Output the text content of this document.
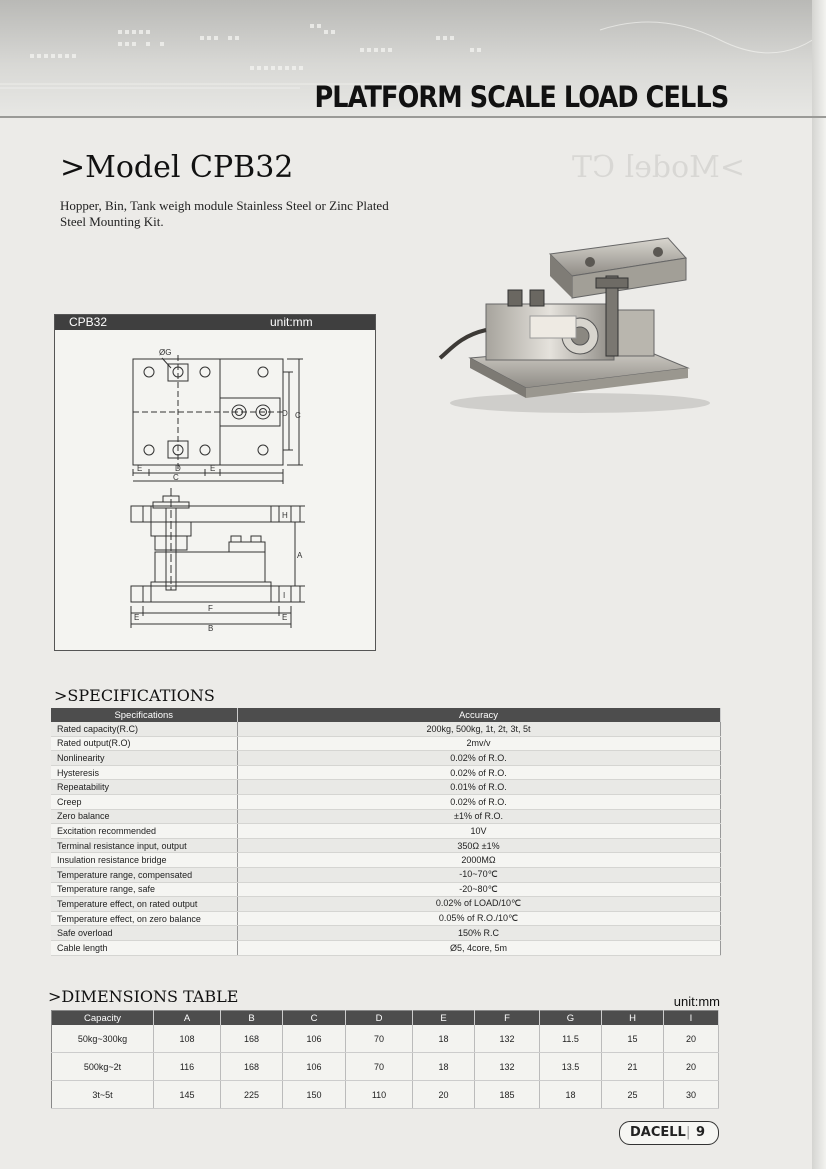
PLATFORM SCALE LOAD CELLS
>Model CT
>Model CPB32

Hopper, Bin, Tank weigh module Stainless Steel or Zinc Plated Steel Mounting Kit.

CPB32	unit:mm
ØG
E	D	E
C
D C
H
A
I
E
F
E
B
>SPECIFICATIONS
Specifications	Accuracy
Rated capacity(R.C)	200kg, 500kg, 1t, 2t, 3t, 5t
Rated output(R.O)	2mv/v
Nonlinearity	0.02% of R.O.
Hysteresis	0.02% of R.O.
Repeatability	0.01% of R.O.
Creep	0.02% of R.O.
Zero balance	±1% of R.O.
Excitation recommended	10V
Terminal resistance input, output	350Ω ±1%
Insulation resistance bridge	2000MΩ
Temperature range, compensated	-10~70℃
Temperature range, safe	-20~80℃
Temperature effect, on rated output	0.02% of LOAD/10℃
Temperature effect, on zero balance	0.05% of R.O./10℃
Safe overload	150% R.C
Cable length	Ø5, 4core, 5m
>DIMENSIONS TABLE	unit:mm
Capacity	A	B	C	D	E	F	G	H	I
50kg~300kg	108	168	106	70	18	132	11.5	15	20
500kg~2t	116	168	106	70	18	132	13.5	21	20
3t~5t	145	225	150	110	20	185	18	25	30
DACELL | 9
